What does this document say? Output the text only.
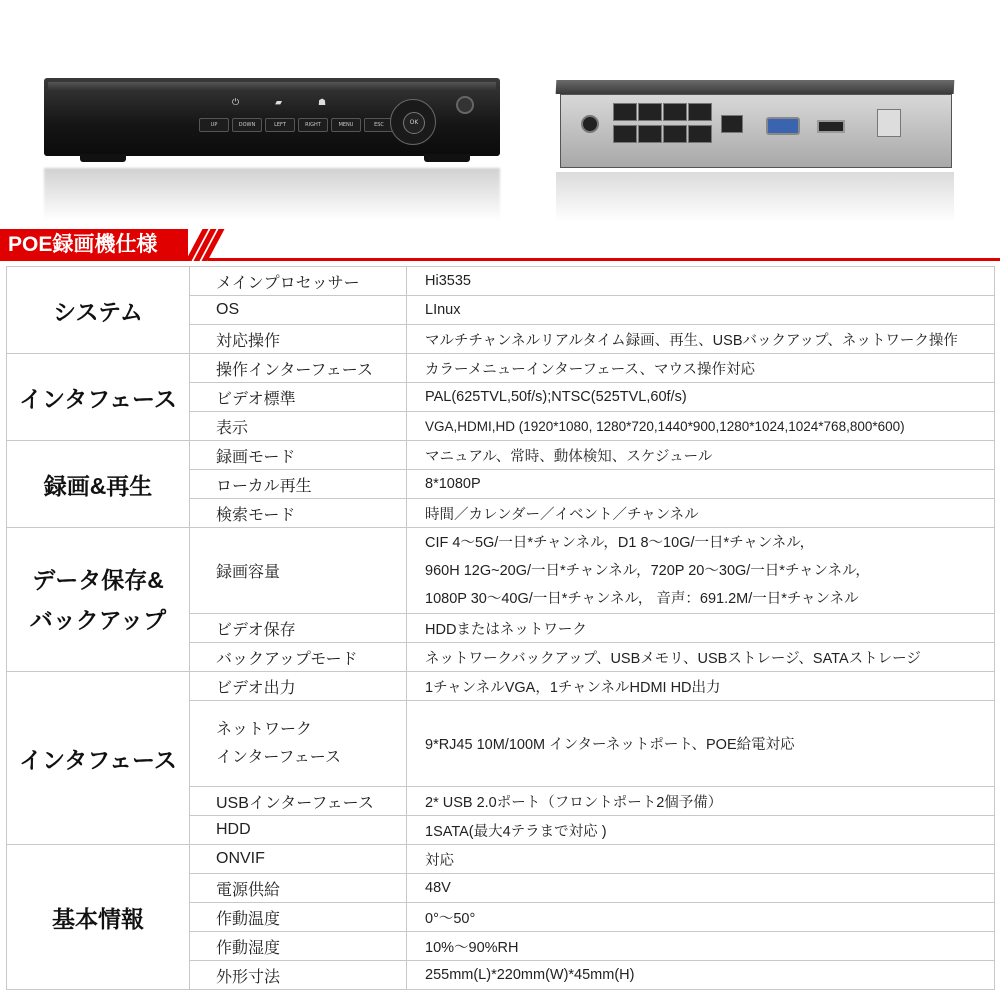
⏻	▰	☗
UP	DOWN	LEFT	RIGHT	MENU	ESC	OK
POE録画機仕様
システム	メインプロセッサー	Hi3535
	OS	LInux
	対応操作	マルチチャンネルリアルタイム録画、再生、USBバックアップ、ネットワーク操作
インタフェース	操作インターフェース	カラーメニューインターフェース、マウス操作対応
	ビデオ標準	PAL(625TVL,50f/s);NTSC(525TVL,60f/s)
	表示	VGA,HDMI,HD (1920*1080, 1280*720,1440*900,1280*1024,1024*768,800*600)
録画&再生	録画モード	マニュアル、常時、動体検知、スケジュール
	ローカル再生	8*1080P
	検索モード	時間／カレンダー／イベント／チャンネル

データ保存&
バックアップ	録画容量	CIF 4～5G/一日*チャンネル，D1 8～10G/一日*チャンネル，
960H 12G~20G/一日*チャンネル，720P 20～30G/一日*チャンネル，
1080P 30～40G/一日*チャンネル， 音声：691.2M/一日*チャンネル

	ビデオ保存	HDDまたはネットワーク
	バックアップモード	ネットワークバックアップ、USBメモリ、USBストレージ、SATAストレージ
インタフェース	ビデオ出力	1チャンネルVGA，1チャンネルHDMI HD出力

	ネットワーク
インターフェース	9*RJ45 10M/100M インターネットポート、POE給電対応
	USBインターフェース	2* USB 2.0ポート（フロントポート2個予備）
	HDD	1SATA(最大4テラまで対応 )
基本情報	ONVIF	対応
	電源供給	48V
	作動温度	0°～50°
	作動湿度	10%～90%RH
	外形寸法	255mm(L)*220mm(W)*45mm(H)
